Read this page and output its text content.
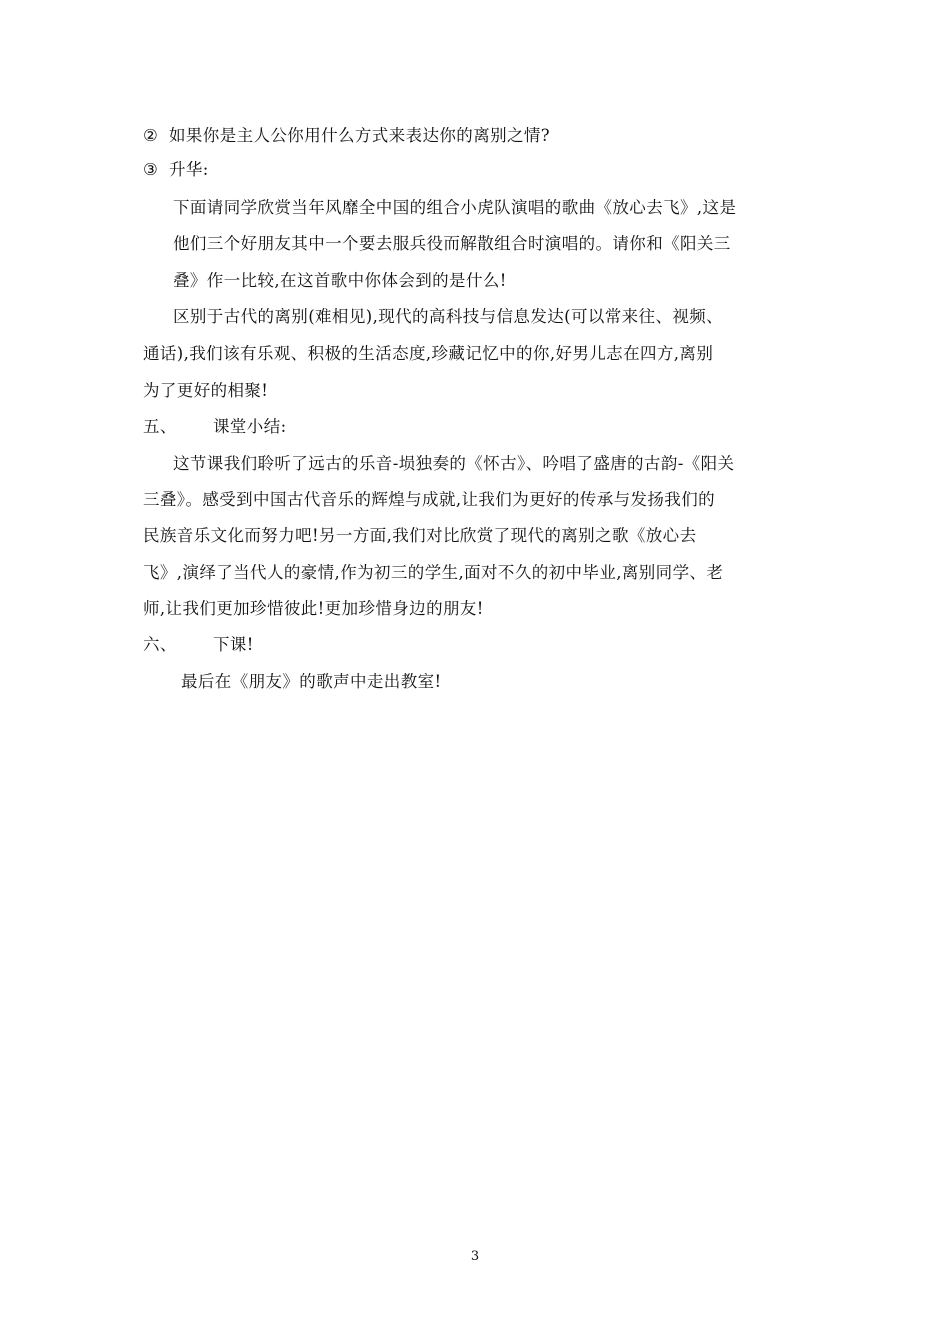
② 如果你是主人公你用什么方式来表达你的离别之情?
③ 升华:
下面请同学欣赏当年风靡全中国的组合小虎队演唱的歌曲《放心去飞》,这是
他们三个好朋友其中一个要去服兵役而解散组合时演唱的。请你和《阳关三
叠》作一比较,在这首歌中你体会到的是什么!
区别于古代的离别(难相见),现代的高科技与信息发达(可以常来往、视频、
通话),我们该有乐观、积极的生活态度,珍藏记忆中的你,好男儿志在四方,离别
为了更好的相聚!
五、 课堂小结:
这节课我们聆听了远古的乐音-埙独奏的《怀古》、吟唱了盛唐的古韵-《阳关
三叠》。感受到中国古代音乐的辉煌与成就,让我们为更好的传承与发扬我们的
民族音乐文化而努力吧!另一方面,我们对比欣赏了现代的离别之歌《放心去
飞》,演绎了当代人的豪情,作为初三的学生,面对不久的初中毕业,离别同学、老
师,让我们更加珍惜彼此!更加珍惜身边的朋友!
六、 下课!
最后在《朋友》的歌声中走出教室!
3
